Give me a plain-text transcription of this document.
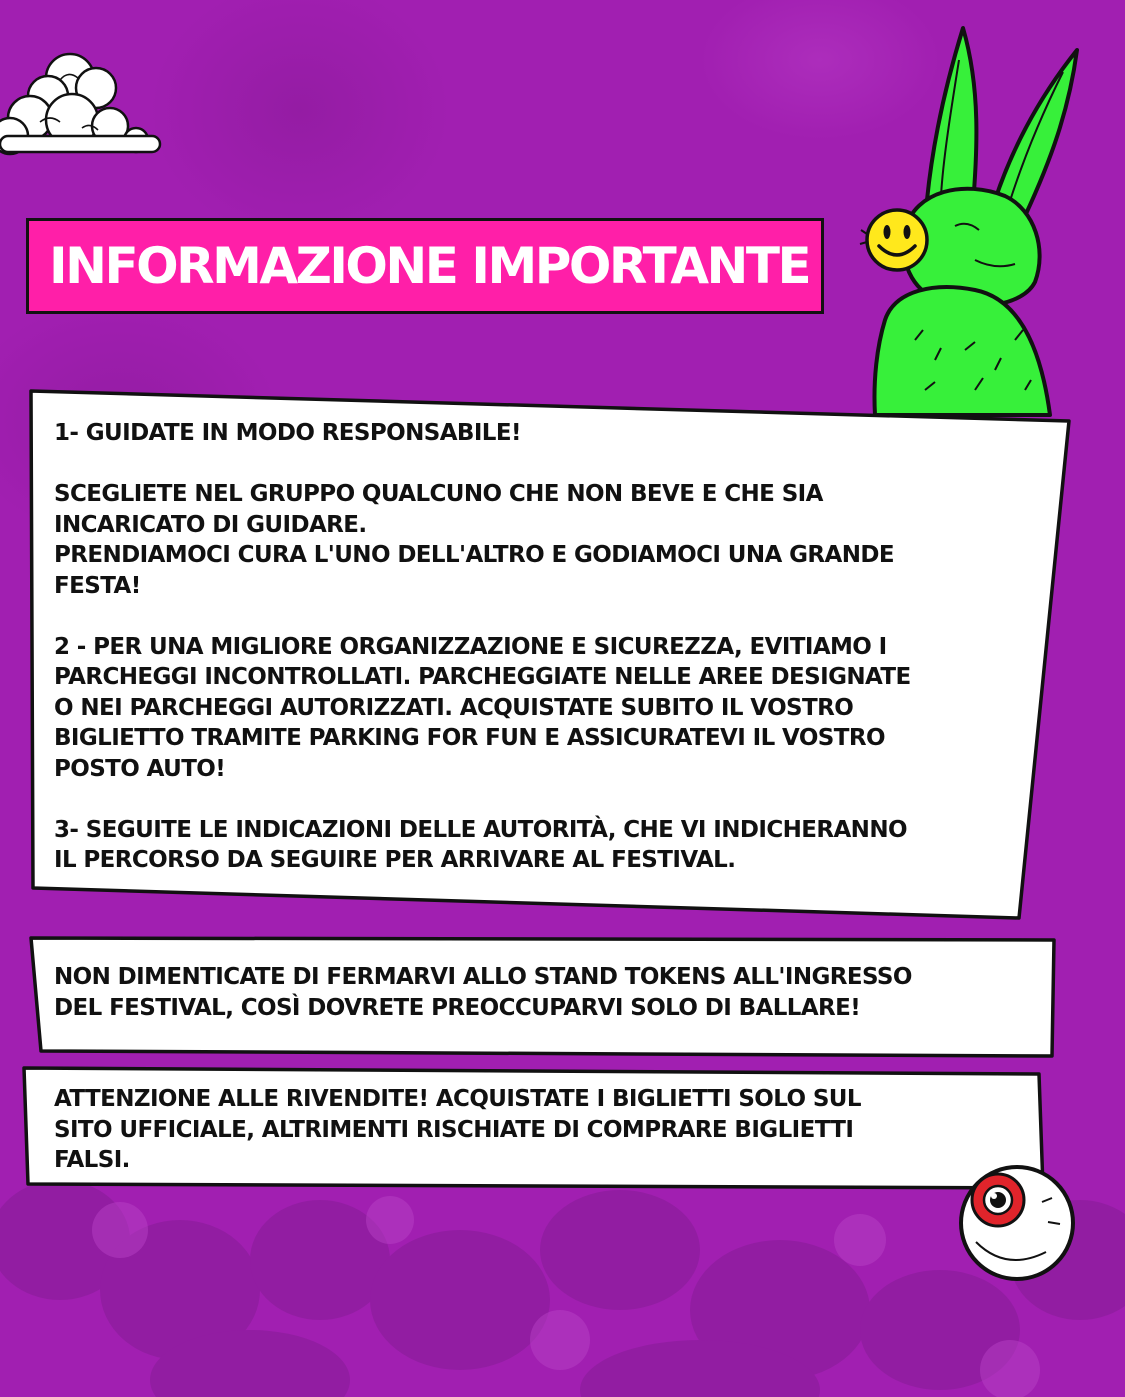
INFORMAZIONE IMPORTANTE
1- GUIDATE IN MODO RESPONSABILE!

SCEGLIETE NEL GRUPPO QUALCUNO CHE NON BEVE E CHE SIA
INCARICATO DI GUIDARE.
PRENDIAMOCI CURA L'UNO DELL'ALTRO E GODIAMOCI UNA GRANDE
FESTA!

2 - PER UNA MIGLIORE ORGANIZZAZIONE E SICUREZZA, EVITIAMO I
PARCHEGGI INCONTROLLATI. PARCHEGGIATE NELLE AREE DESIGNATE
O NEI PARCHEGGI AUTORIZZATI. ACQUISTATE SUBITO IL VOSTRO
BIGLIETTO TRAMITE PARKING FOR FUN E ASSICURATEVI IL VOSTRO
POSTO AUTO!

3- SEGUITE LE INDICAZIONI DELLE AUTORITÀ, CHE VI INDICHERANNO
IL PERCORSO DA SEGUIRE PER ARRIVARE AL FESTIVAL.
NON DIMENTICATE DI FERMARVI ALLO STAND TOKENS ALL'INGRESSO
DEL FESTIVAL, COSÌ DOVRETE PREOCCUPARVI SOLO DI BALLARE!
ATTENZIONE ALLE RIVENDITE! ACQUISTATE I BIGLIETTI SOLO SUL
SITO UFFICIALE, ALTRIMENTI RISCHIATE DI COMPRARE BIGLIETTI
FALSI.
